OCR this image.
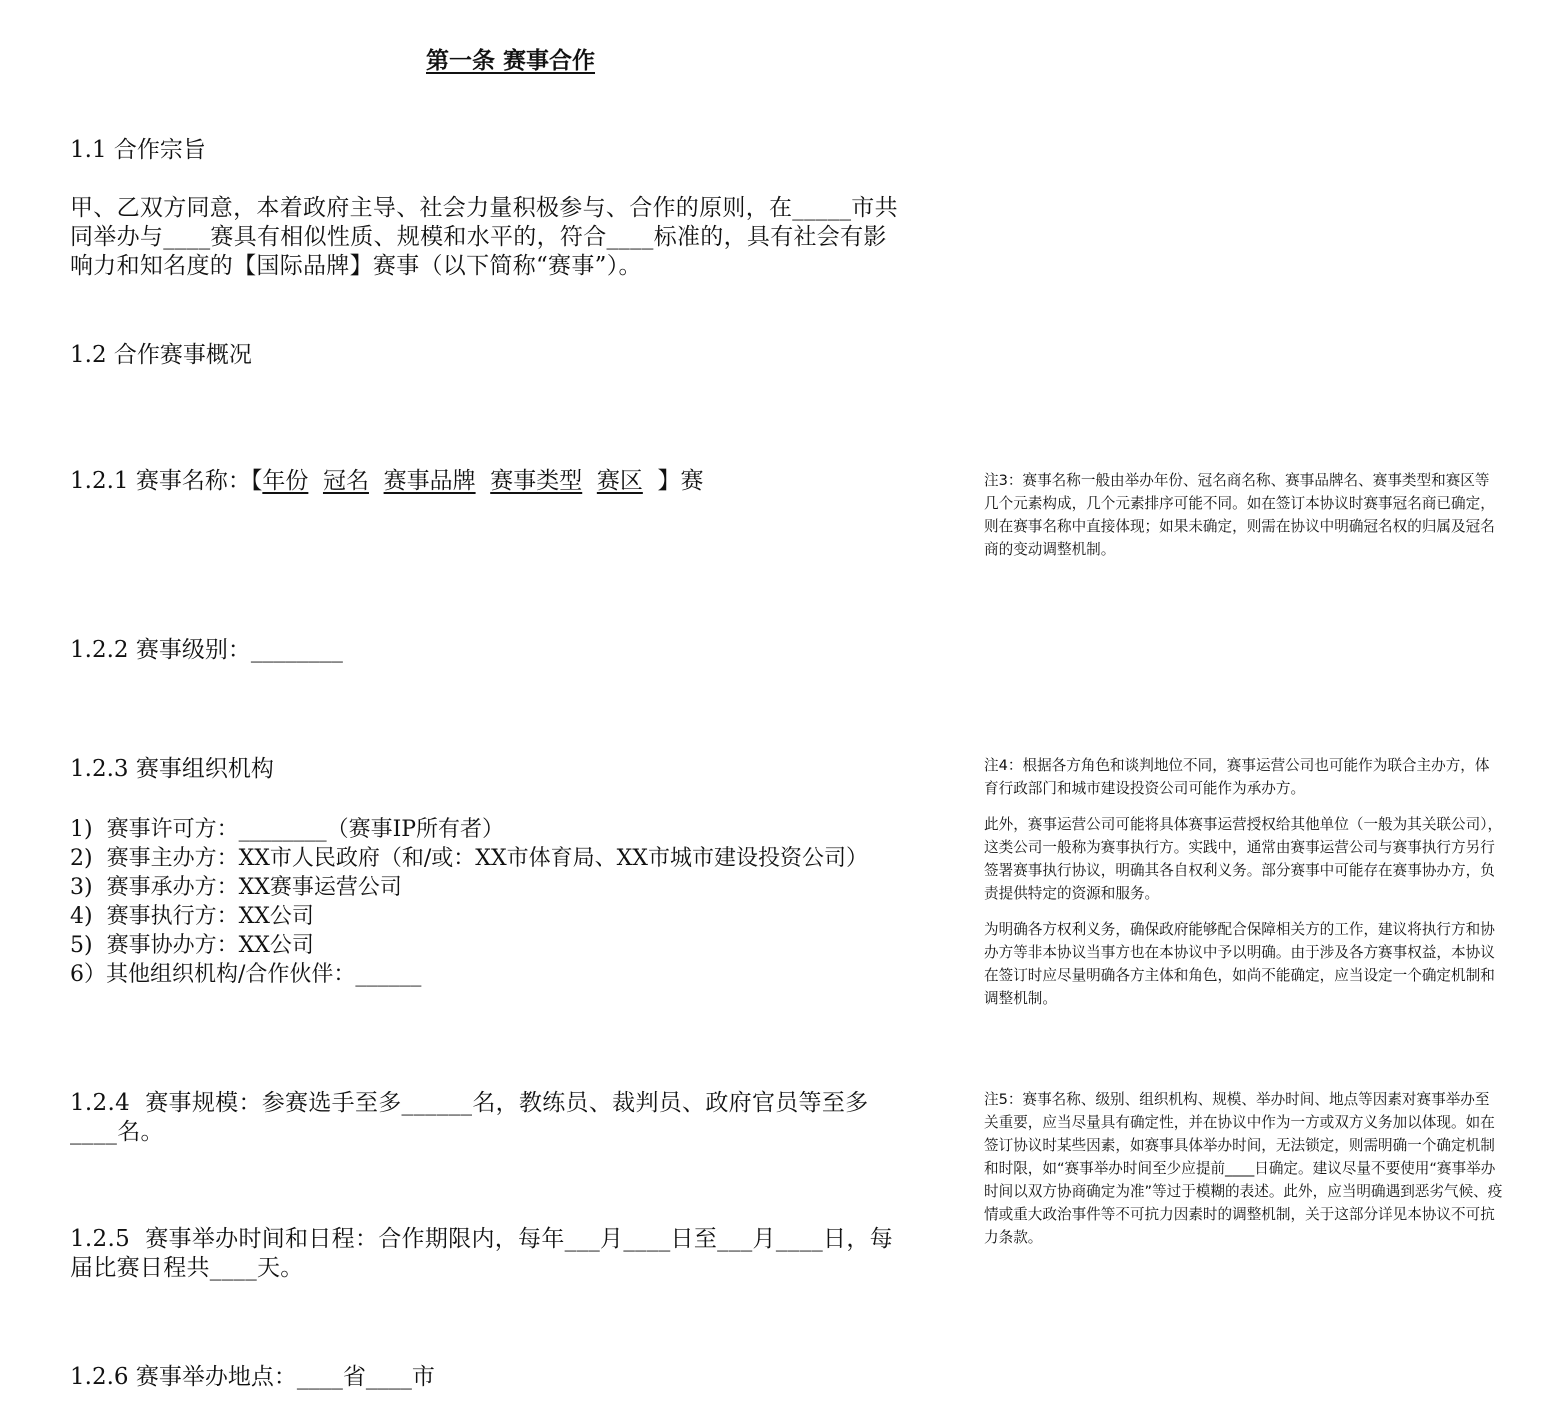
第一条 赛事合作
1.1 合作宗旨
甲、乙双方同意，本着政府主导、社会力量积极参与、合作的原则，在_____市共
同举办与____赛具有相似性质、规模和水平的，符合____标准的，具有社会有影
响力和知名度的【国际品牌】赛事（以下简称“赛事”）。
1.2 合作赛事概况
1.2.1 赛事名称：【年份 冠名 赛事品牌 赛事类型 赛区 】赛
1.2.2 赛事级别：________
1.2.3 赛事组织机构
1)  赛事许可方：________（赛事IP所有者）
2)  赛事主办方：XX市人民政府（和/或：XX市体育局、XX市城市建设投资公司）
3)  赛事承办方：XX赛事运营公司
4)  赛事执行方：XX公司
5)  赛事协办方：XX公司
6）其他组织机构/合作伙伴：______
1.2.4  赛事规模：参赛选手至多______名，教练员、裁判员、政府官员等至多
____名。
1.2.5  赛事举办时间和日程：合作期限内，每年___月____日至___月____日，每
届比赛日程共____天。
1.2.6 赛事举办地点：____省____市

注3：赛事名称一般由举办年份、冠名商名称、赛事品牌名、赛事类型和赛区等几个元素构成，几个元素排序可能不同。如在签订本协议时赛事冠名商已确定，则在赛事名称中直接体现；如果未确定，则需在协议中明确冠名权的归属及冠名商的变动调整机制。

注4：根据各方角色和谈判地位不同，赛事运营公司也可能作为联合主办方，体育行政部门和城市建设投资公司可能作为承办方。

此外，赛事运营公司可能将具体赛事运营授权给其他单位（一般为其关联公司），这类公司一般称为赛事执行方。实践中，通常由赛事运营公司与赛事执行方另行签署赛事执行协议，明确其各自权利义务。部分赛事中可能存在赛事协办方，负责提供特定的资源和服务。

为明确各方权利义务，确保政府能够配合保障相关方的工作，建议将执行方和协办方等非本协议当事方也在本协议中予以明确。由于涉及各方赛事权益，本协议在签订时应尽量明确各方主体和角色，如尚不能确定，应当设定一个确定机制和调整机制。

注5：赛事名称、级别、组织机构、规模、举办时间、地点等因素对赛事举办至关重要，应当尽量具有确定性，并在协议中作为一方或双方义务加以体现。如在签订协议时某些因素，如赛事具体举办时间，无法锁定，则需明确一个确定机制和时限，如“赛事举办时间至少应提前____日确定。建议尽量不要使用“赛事举办时间以双方协商确定为准”等过于模糊的表述。此外，应当明确遇到恶劣气候、疫情或重大政治事件等不可抗力因素时的调整机制，关于这部分详见本协议不可抗力条款。
